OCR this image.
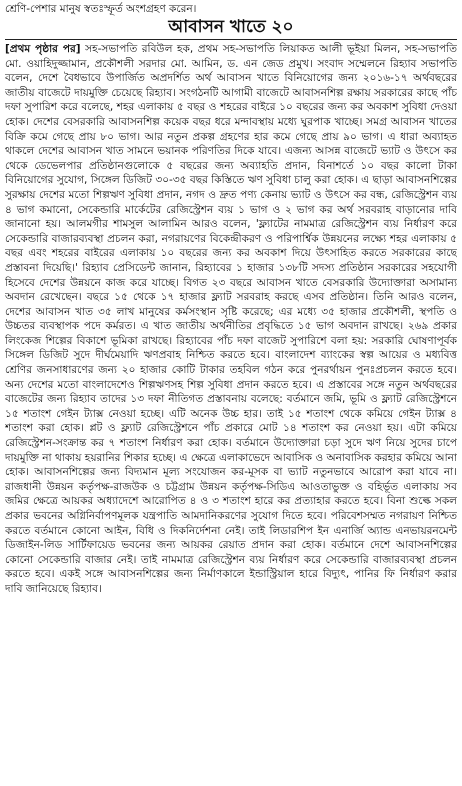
শ্রেণি-পেশার মানুষ স্বতঃস্ফূর্ত অংশগ্রহণ করেন।
আবাসন খাতে ২০
[প্রথম পৃষ্ঠার পর] সহ-সভাপতি রবিউল হক, প্রথম সহ-সভাপতি লিয়াকত আলী ভূইয়া মিলন, সহ-সভাপতি মো. ওয়াহিদুজ্জামান, প্রকৌশলী সরদার মো. আমিন, ড. এন জেড প্রমুখ। সংবাদ সম্মেলনে রিহ্যাব সভাপতি বলেন, দেশে বৈধভাবে উপার্জিত অপ্রদর্শিত অর্থ আবাসন খাতে বিনিয়োগের জন্য ২০১৬-১৭ অর্থবছরের জাতীয় বাজেটে দায়মুক্তি চেয়েছে রিহ্যাব। সংগঠনটি আগামী বাজেটে আবাসনশিল্প রক্ষায় সরকারের কাছে পাঁচ দফা সুপারিশ করে বলেছে, শহর এলাকায় ৫ বছর ও শহরের বাইরে ১০ বছরের জন্য কর অবকাশ সুবিধা দেওয়া হোক। দেশের বেসরকারি আবাসনশিল্প কয়েক বছর ধরে মন্দাবস্থায় মধ্যে ঘুরপাক খাচ্ছে। সমগ্র আবাসন খাতের বিক্রি কমে গেছে প্রায় ৮০ ভাগ। আর নতুন প্রকল্প গ্রহণের হার কমে গেছে প্রায় ৯০ ভাগ। এ ধারা অব্যাহত থাকলে দেশের আবাসন খাত সামনে ভয়ানক পরিণতির দিকে যাবে। এজন্য আসন্ন বাজেটে ভ্যাট ও উৎসে কর থেকে ডেভেলপার প্রতিষ্ঠানগুলোকে ৫ বছরের জন্য অব্যাহতি প্রদান, বিনাশর্তে ১০ বছর কালো টাকা বিনিয়োগের সুযোগ, সিঙ্গেল ডিজিট ৩০-৩৫ বছর কিস্তিতে ঋণ সুবিধা চালু করা হোক। এ ছাড়া আবাসনশিল্পের সুরক্ষায় দেশের মতো শিল্পঋণ সুবিধা প্রদান, নগদ ও দ্রুত পণ্য কেনায় ভ্যাট ও উৎসে কর বন্ধ, রেজিস্ট্রেশন ব্যয় ৪ ভাগ কমানো, সেকেন্ডারি মার্কেটের রেজিস্ট্রেশন ব্যয় ১ ভাগ ও ২ ভাগ কর অর্থ সরবরাহ বাড়ানোর দাবি জানানো হয়। আলমগীর শামসুল আলামিন আরও বলেন, 'ফ্ল্যাটের নামমাত্র রেজিস্ট্রেশন ব্যয় নির্ধারণ করে সেকেন্ডারি বাজারব্যবস্থা প্রচলন করা, নগরায়ণের বিকেন্দ্রীকরণ ও পরিপার্শ্বিক উন্নয়নের লক্ষ্যে শহর এলাকায় ৫ বছর এবং শহরের বাইরের এলাকায় ১০ বছরের জন্য কর অবকাশ দিয়ে উৎসাহিত করতে সরকারের কাছে প্রস্তাবনা দিয়েছি।' রিহ্যাব প্রেসিডেন্ট জানান, রিহ্যাবের ১ হাজার ১৩৮টি সদস্য প্রতিষ্ঠান সরকারের সহযোগী হিসেবে দেশের উন্নয়নে কাজ করে যাচ্ছে। বিগত ২৩ বছরে আবাসন খাতে বেসরকারি উদ্যোক্তারা অসামান্য অবদান রেখেছেন। বছরে ১৫ থেকে ১৭ হাজার ফ্ল্যাট সরবরাহ করছে এসব প্রতিষ্ঠান। তিনি আরও বলেন, দেশের আবাসন খাত ৩৫ লাখ মানুষের কর্মসংস্থান সৃষ্টি করেছে; এর মধ্যে ৩৫ হাজার প্রকৌশলী, স্থপতি ও উচ্চতর ব্যবস্থাপক পদে কর্মরত। এ খাত জাতীয় অর্থনীতির প্রবৃদ্ধিতে ১৫ ভাগ অবদান রাখছে। ২৬৯ প্রকার লিংকেজ শিল্পের বিকাশে ভূমিকা রাখছে। রিহ্যাবের পাঁচ দফা বাজেট সুপারিশে বলা হয়: সরকারি ঘোষণাপূর্বক সিঙ্গেল ডিজিট সুদে দীর্ঘমেয়াদি ঋণপ্রবাহ নিশ্চিত করতে হবে। বাংলাদেশ ব্যাংকের স্বল্প আয়ের ও মধ্যবিত্ত শ্রেণির জনসাধারণের জন্য ২০ হাজার কোটি টাকার তহবিল গঠন করে পুনরর্থায়ন পুনঃপ্রচলন করতে হবে। অন্য দেশের মতো বাংলাদেশেও শিল্পঋণসহ শিল্প সুবিধা প্রদান করতে হবে। এ প্রস্তাবের সঙ্গে নতুন অর্থবছরের বাজেটের জন্য রিহ্যাব তাদের ১৩ দফা নীতিগত প্রস্তাবনায় বলেছে: বর্তমানে জমি, ভূমি ও ফ্ল্যাট রেজিস্ট্রেশনে ১৫ শতাংশ গেইন ট্যাক্স নেওয়া হচ্ছে। এটি অনেক উচ্চ হার। তাই ১৫ শতাংশ থেকে কমিয়ে গেইন ট্যাক্স ৪ শতাংশ করা হোক। প্লট ও ফ্ল্যাট রেজিস্ট্রেশনে পাঁচ প্রকারে মোট ১৪ শতাংশ কর নেওয়া হয়। এটা কমিয়ে রেজিস্ট্রেশন-সংক্রান্ত কর ৭ শতাংশ নির্ধারণ করা হোক। বর্তমানে উদ্যোক্তারা চড়া সুদে ঋণ নিয়ে সুদের চাপে দায়মুক্তি না থাকায় হয়রানির শিকার হচ্ছে। এ ক্ষেত্রে এলাকাভেদে আবাসিক ও অনাবাসিক করহার কমিয়ে আনা হোক। আবাসনশিল্পের জন্য বিদ্যমান মূল্য সংযোজন কর-মূসক বা ভ্যাট নতুনভাবে আরোপ করা যাবে না। রাজধানী উন্নয়ন কর্তৃপক্ষ-রাজউক ও চট্টগ্রাম উন্নয়ন কর্তৃপক্ষ-সিডিএ আওতাভুক্ত ও বহির্ভূত এলাকায় সব জমির ক্ষেত্রে আয়কর অধ্যাদেশে আরোপিত ৪ ও ৩ শতাংশ হারে কর প্রত্যাহার করতে হবে। বিনা শুল্কে সকল প্রকার ভবনের অগ্নিনির্বাপণমূলক যন্ত্রপাতি আমদানিকরণের সুযোগ দিতে হবে। পরিবেশসম্মত নগরায়ণ নিশ্চিত করতে বর্তমানে কোনো আইন, বিধি ও দিকনির্দেশনা নেই। তাই লিডারশিপ ইন এনার্জি অ্যান্ড এনভায়রনমেন্ট ডিজাইন-লিড সার্টিফায়েড ভবনের জন্য আয়কর রেয়াত প্রদান করা হোক। বর্তমানে দেশে আবাসনশিল্পের কোনো সেকেন্ডারি বাজার নেই। তাই নামমাত্র রেজিস্ট্রেশন ব্যয় নির্ধারণ করে সেকেন্ডারি বাজারব্যবস্থা প্রচলন করতে হবে। একই সঙ্গে আবাসনশিল্পের জন্য নির্মাণকালে ইন্ডাস্ট্রিয়াল হারে বিদ্যুৎ, পানির ফি নির্ধারণ করার দাবি জানিয়েছে রিহ্যাব।
